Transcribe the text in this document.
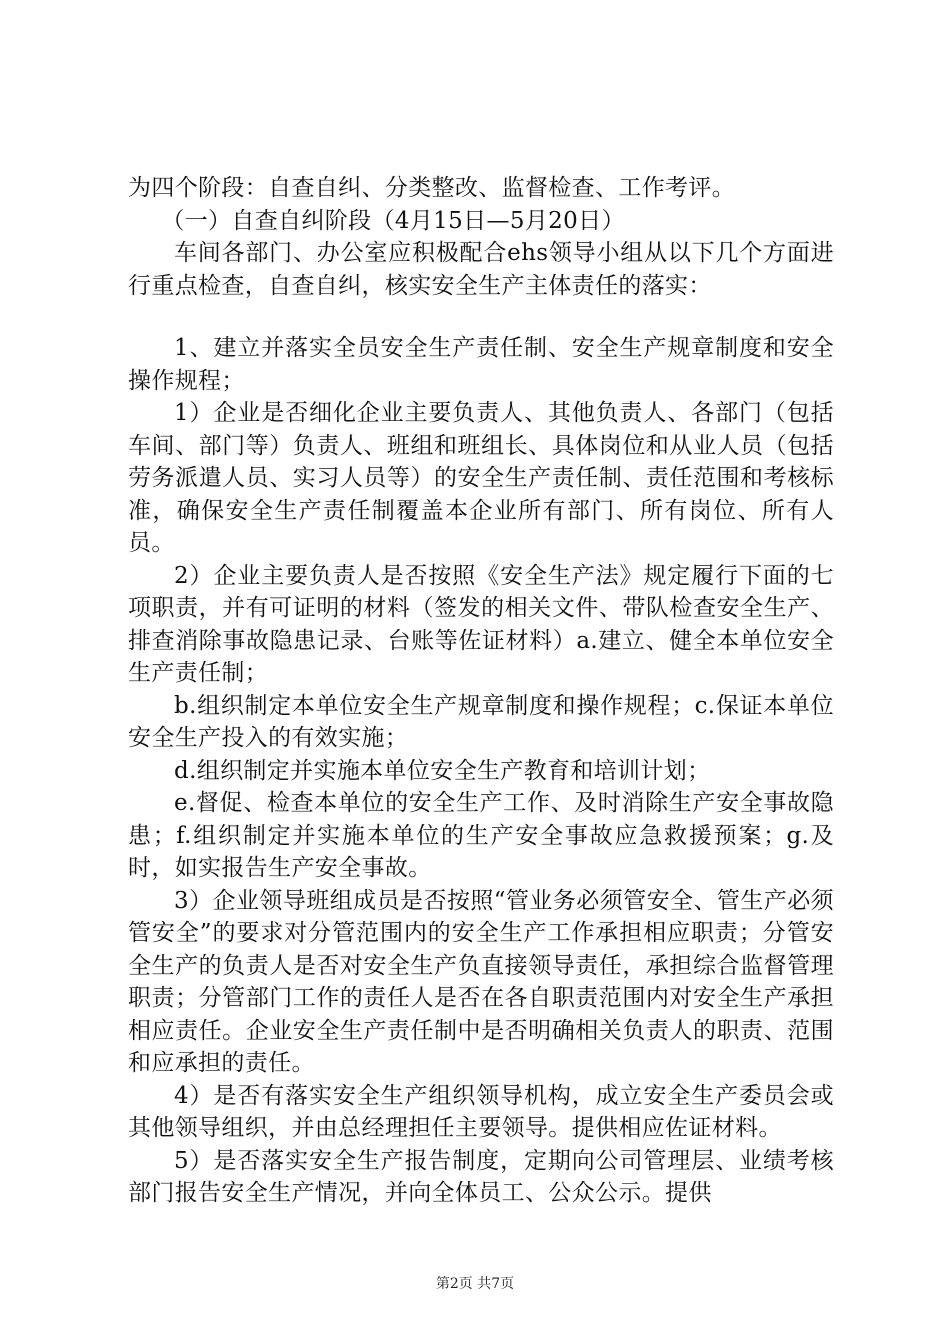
为四个阶段：自查自纠、分类整改、监督检查、工作考评。

（一）自查自纠阶段（4月15日—5月20日）

车间各部门、办公室应积极配合ehs领导小组从以下几个方面进行重点检查，自查自纠，核实安全生产主体责任的落实：

1、建立并落实全员安全生产责任制、安全生产规章制度和安全操作规程；

1）企业是否细化企业主要负责人、其他负责人、各部门（包括车间、部门等）负责人、班组和班组长、具体岗位和从业人员（包括劳务派遣人员、实习人员等）的安全生产责任制、责任范围和考核标准，确保安全生产责任制覆盖本企业所有部门、所有岗位、所有人员。

2）企业主要负责人是否按照《安全生产法》规定履行下面的七项职责，并有可证明的材料（签发的相关文件、带队检查安全生产、排查消除事故隐患记录、台账等佐证材料）a.建立、健全本单位安全生产责任制；

b.组织制定本单位安全生产规章制度和操作规程；c.保证本单位安全生产投入的有效实施；

d.组织制定并实施本单位安全生产教育和培训计划；

e.督促、检查本单位的安全生产工作、及时消除生产安全事故隐患；f.组织制定并实施本单位的生产安全事故应急救援预案；g.及时，如实报告生产安全事故。

3）企业领导班组成员是否按照“管业务必须管安全、管生产必须管安全”的要求对分管范围内的安全生产工作承担相应职责；分管安全生产的负责人是否对安全生产负直接领导责任，承担综合监督管理职责；分管部门工作的责任人是否在各自职责范围内对安全生产承担相应责任。企业安全生产责任制中是否明确相关负责人的职责、范围和应承担的责任。

4）是否有落实安全生产组织领导机构，成立安全生产委员会或其他领导组织，并由总经理担任主要领导。提供相应佐证材料。

5）是否落实安全生产报告制度，定期向公司管理层、业绩考核部门报告安全生产情况，并向全体员工、公众公示。提供

第2页 共7页
